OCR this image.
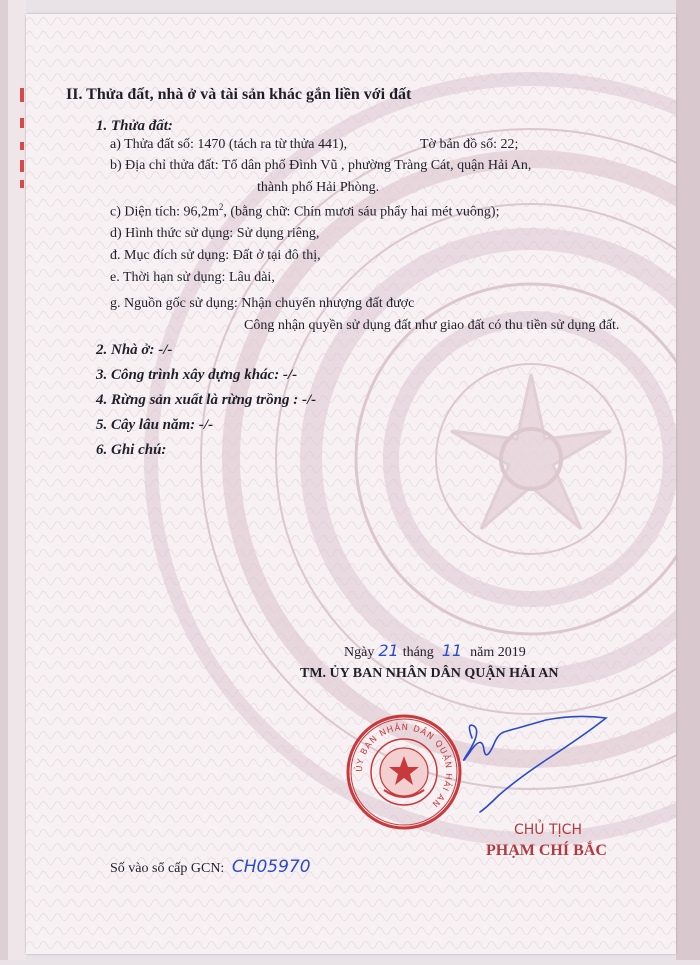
II. Thửa đất, nhà ở và tài sản khác gắn liền với đất
1. Thửa đất:
a) Thửa đất số: 1470 (tách ra từ thửa 441),	Tờ bản đồ số: 22;
b) Địa chỉ thửa đất: Tổ dân phố Đình Vũ , phường Tràng Cát, quận Hải An,
thành phố Hải Phòng.
c) Diện tích: $96,2m^2$, (bằng chữ: Chín mươi sáu phẩy hai mét vuông);
d) Hình thức sử dụng: Sử dụng riêng,
đ. Mục đích sử dụng: Đất ở tại đô thị,
e. Thời hạn sử dụng: Lâu dài,
g. Nguồn gốc sử dụng: Nhận chuyển nhượng đất được
Công nhận quyền sử dụng đất như giao đất có thu tiền sử dụng đất.
2. Nhà ở: -/-
3. Công trình xây dựng khác: -/-
4. Rừng sản xuất là rừng trồng : -/-
5. Cây lâu năm: -/-
6. Ghi chú:
Ngày 21 tháng 11 năm 2019
TM. ỦY BAN NHÂN DÂN QUẬN HẢI AN
ỦY BAN NHÂN DÂN QUẬN HẢI AN
CHỦ TỊCH
PHẠM CHÍ BẮC
Số vào sổ cấp GCN: CH05970
